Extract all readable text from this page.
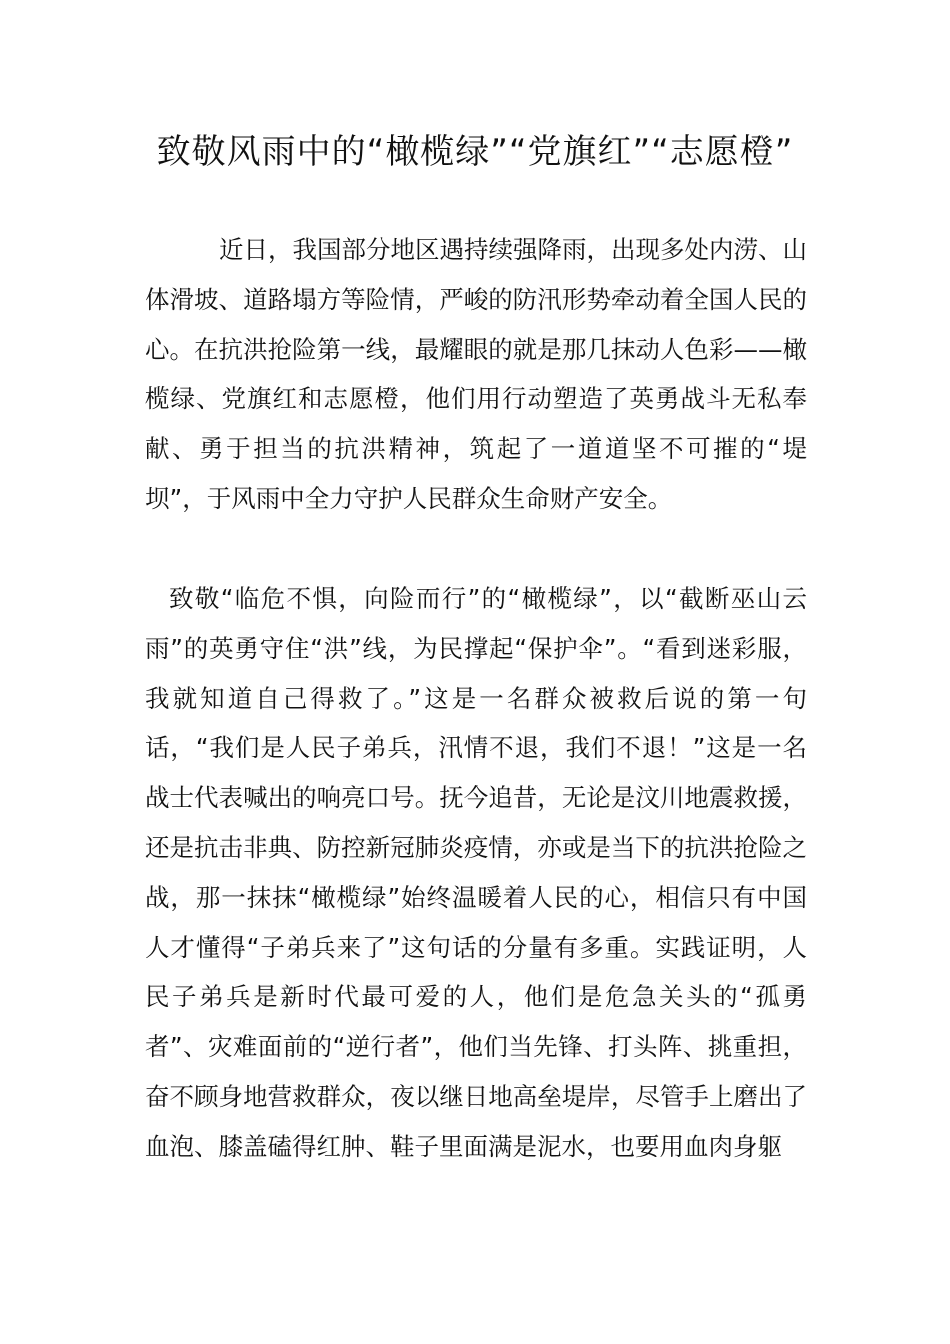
致敬风雨中的“橄榄绿”“党旗红”“志愿橙”

近日，我国部分地区遇持续强降雨，出现多处内涝、山体滑坡、道路塌方等险情，严峻的防汛形势牵动着全国人民的心。在抗洪抢险第一线，最耀眼的就是那几抹动人色彩——橄榄绿、党旗红和志愿橙，他们用行动塑造了英勇战斗无私奉献、勇于担当的抗洪精神，筑起了一道道坚不可摧的“堤坝”，于风雨中全力守护人民群众生命财产安全。

致敬“临危不惧，向险而行”的“橄榄绿”，以“截断巫山云雨”的英勇守住“洪”线，为民撑起“保护伞”。“看到迷彩服，我就知道自己得救了。”这是一名群众被救后说的第一句话，“我们是人民子弟兵，汛情不退，我们不退！”这是一名战士代表喊出的响亮口号。抚今追昔，无论是汶川地震救援，还是抗击非典、防控新冠肺炎疫情，亦或是当下的抗洪抢险之战，那一抹抹“橄榄绿”始终温暖着人民的心，相信只有中国人才懂得“子弟兵来了”这句话的分量有多重。实践证明，人民子弟兵是新时代最可爱的人，他们是危急关头的“孤勇者”、灾难面前的“逆行者”，他们当先锋、打头阵、挑重担，奋不顾身地营救群众，夜以继日地高垒堤岸，尽管手上磨出了血泡、膝盖磕得红肿、鞋子里面满是泥水，也要用血肉身躯
